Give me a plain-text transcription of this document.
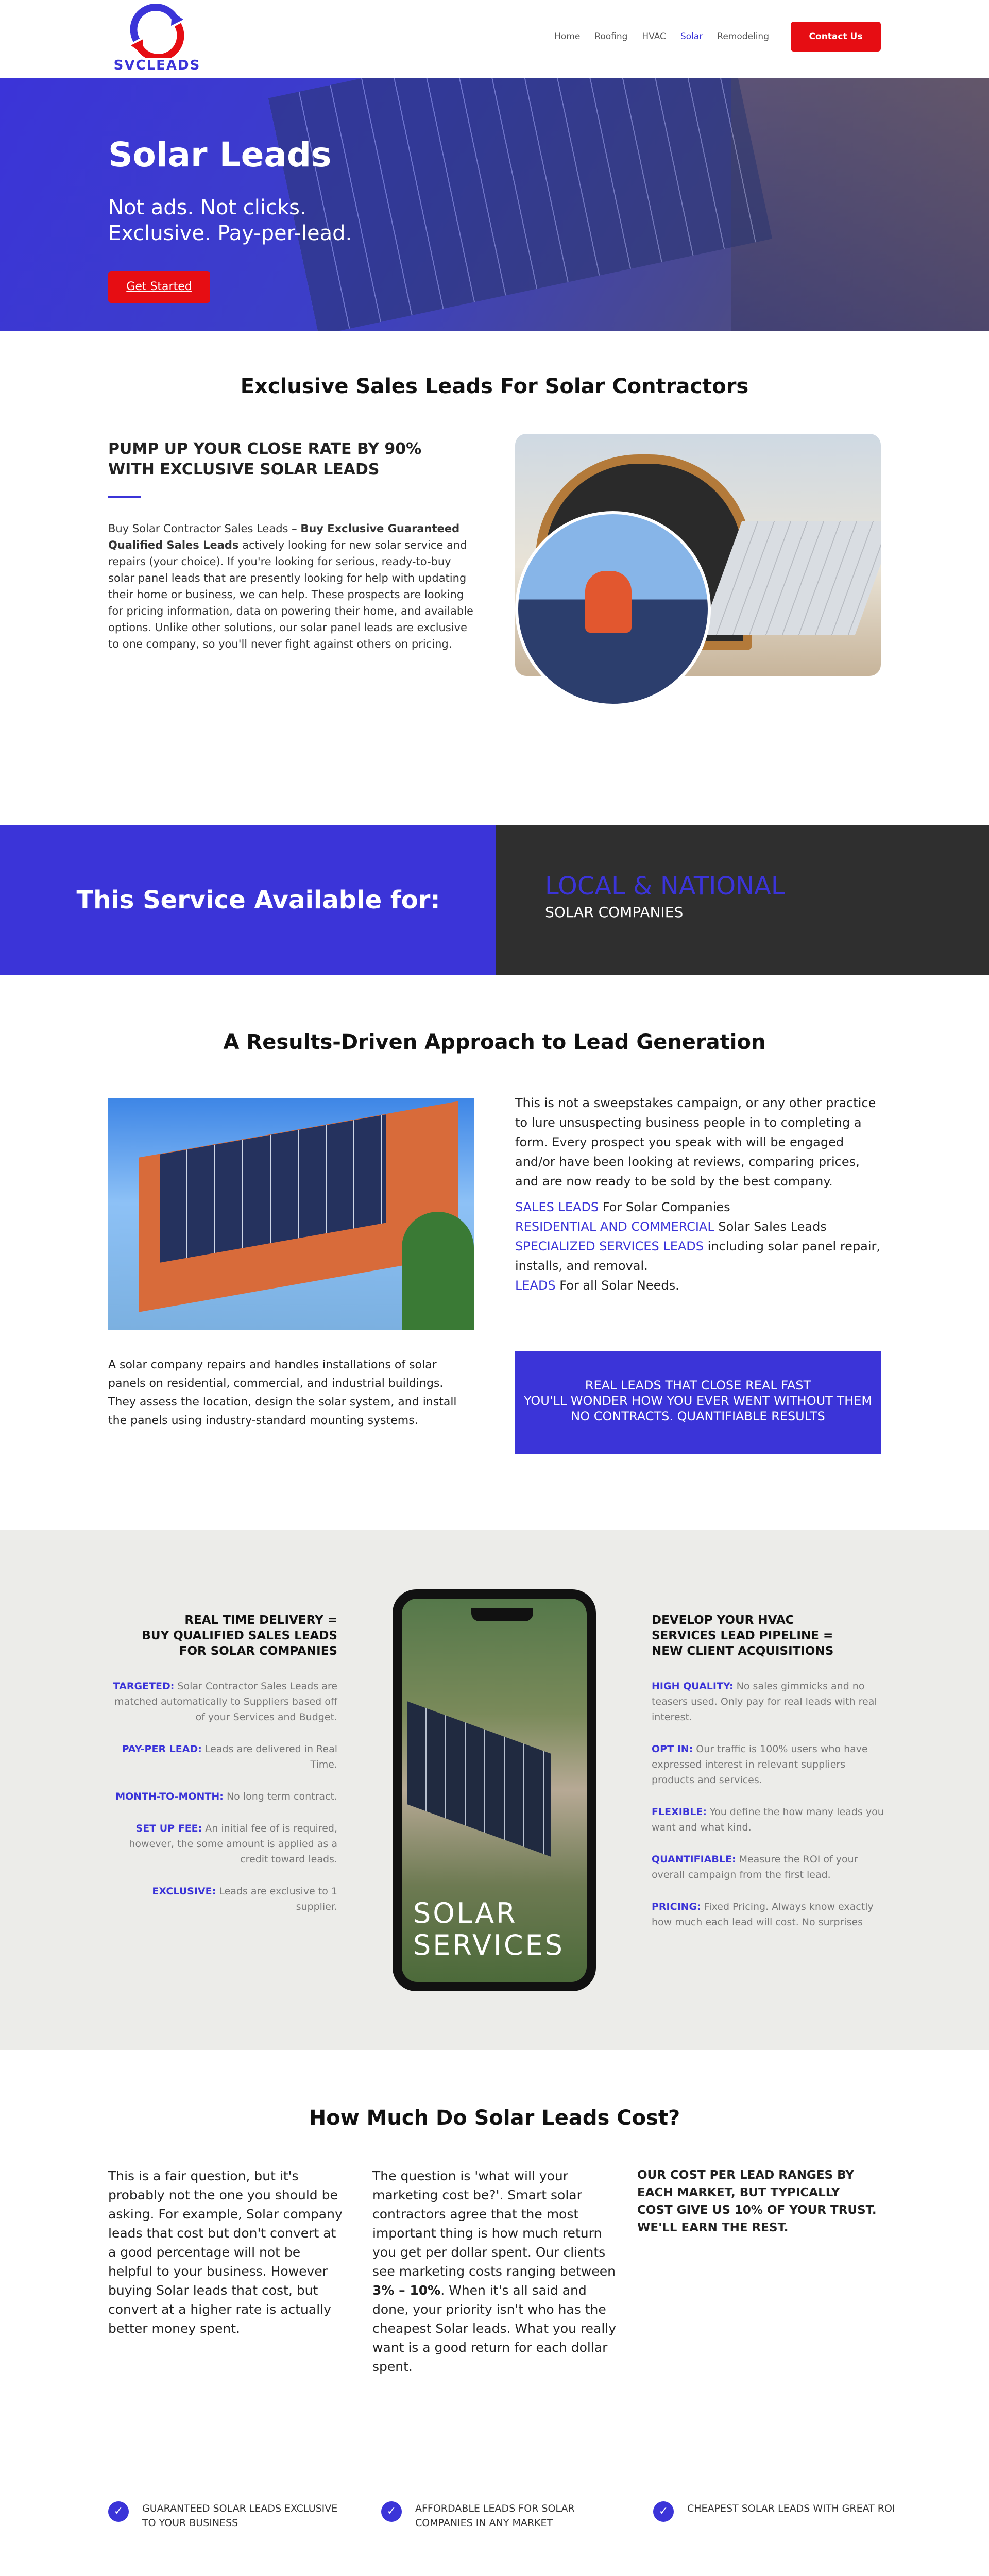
SVCLEADS
Home Roofing HVAC Solar Remodeling	Contact Us
Solar Leads

Not ads. Not clicks.

Exclusive. Pay-per-lead.

Get Started
Exclusive Sales Leads For Solar Contractors
PUMP UP YOUR CLOSE RATE BY 90%
WITH EXCLUSIVE SOLAR LEADS
Buy Solar Contractor Sales Leads – Buy Exclusive Guaranteed Qualified Sales Leads actively looking for new solar service and repairs (your choice). If you're looking for serious, ready-to-buy solar panel leads that are presently looking for help with updating their home or business, we can help. These prospects are looking for pricing information, data on powering their home, and available options. Unlike other solutions, our solar panel leads are exclusive to one company, so you'll never fight against others on pricing.
This Service Available for:	LOCAL & NATIONAL
SOLAR COMPANIES
A Results-Driven Approach to Lead Generation

This is not a sweepstakes campaign, or any other practice to lure unsuspecting business people in to completing a form. Every prospect you speak with will be engaged and/or have been looking at reviews, comparing prices, and are now ready to be sold by the best company.

SALES LEADS For Solar Companies
RESIDENTIAL AND COMMERCIAL Solar Sales Leads
SPECIALIZED SERVICES LEADS including solar panel repair, installs, and removal.
LEADS For all Solar Needs.

A solar company repairs and handles installations of solar panels on residential, commercial, and industrial buildings. They assess the location, design the solar system, and install the panels using industry-standard mounting systems.

REAL LEADS THAT CLOSE REAL FAST
YOU'LL WONDER HOW YOU EVER WENT WITHOUT THEM
NO CONTRACTS. QUANTIFIABLE RESULTS
REAL TIME DELIVERY =
BUY QUALIFIED SALES LEADS
FOR SOLAR COMPANIES
TARGETED: Solar Contractor Sales Leads are matched automatically to Suppliers based off of your Services and Budget.
PAY-PER LEAD: Leads are delivered in Real Time.
MONTH-TO-MONTH: No long term contract.
SET UP FEE: An initial fee of is required, however, the some amount is applied as a credit toward leads.
EXCLUSIVE: Leads are exclusive to 1 supplier.	SOLAR
SERVICES
DEVELOP YOUR HVAC
SERVICES LEAD PIPELINE =
NEW CLIENT ACQUISITIONS
HIGH QUALITY: No sales gimmicks and no teasers used. Only pay for real leads with real interest.
OPT IN: Our traffic is 100% users who have expressed interest in relevant suppliers products and services.
FLEXIBLE: You define the how many leads you want and what kind.
QUANTIFIABLE: Measure the ROI of your overall campaign from the first lead.
PRICING: Fixed Pricing. Always know exactly how much each lead will cost. No surprises
How Much Do Solar Leads Cost?

This is a fair question, but it's probably not the one you should be asking. For example, Solar company leads that cost but don't convert at a good percentage will not be helpful to your business. However buying Solar leads that cost, but convert at a higher rate is actually better money spent.

The question is 'what will your marketing cost be?'. Smart solar contractors agree that the most important thing is how much return you get per dollar spent. Our clients see marketing costs ranging between 3% – 10%. When it's all said and done, your priority isn't who has the cheapest Solar leads. What you really want is a good return for each dollar spent.

OUR COST PER LEAD RANGES BY EACH MARKET, BUT TYPICALLY COST GIVE US 10% OF YOUR TRUST. WE'LL EARN THE REST.

✓	GUARANTEED SOLAR LEADS EXCLUSIVE TO YOUR BUSINESS
✓	AFFORDABLE LEADS FOR SOLAR COMPANIES IN ANY MARKET
✓	CHEAPEST SOLAR LEADS WITH GREAT ROI
